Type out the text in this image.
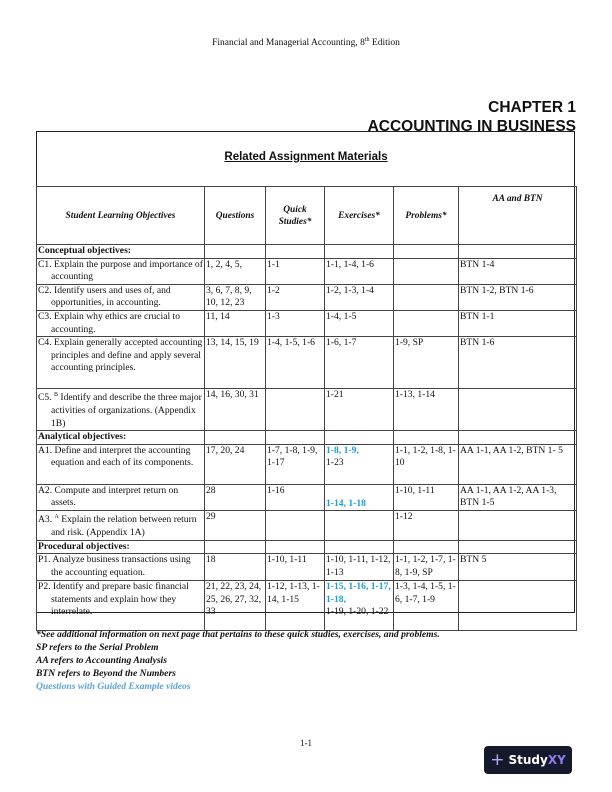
Financial and Managerial Accounting, 8th Edition
CHAPTER 1
ACCOUNTING IN BUSINESS
Related Assignment Materials
Student Learning Objectives	Questions	Quick Studies*	Exercises*	Problems*	AA and BTN
Conceptual objectives:					

C1. Explain the purpose and importance of accounting	1, 2, 4, 5,	1-1	1-1, 1-4, 1-6		BTN 1-4

C2. Identify users and uses of, and opportunities, in accounting.	3, 6, 7, 8, 9, 10, 12, 23	1-2	1-2, 1-3, 1-4		BTN 1-2, BTN 1-6

C3. Explain why ethics are crucial to accounting.	11, 14	1-3	1-4, 1-5		BTN 1-1

C4. Explain generally accepted accounting principles and define and apply several accounting principles.	13, 14, 15, 19	1-4, 1-5, 1-6	1-6, 1-7	1-9, SP	BTN 1-6

C5. $^B$ Identify and describe the three major activities of organizations. (Appendix 1B)	14, 16, 30, 31		1-21	1-13, 1-14	
Analytical objectives:					

A1. Define and interpret the accounting equation and each of its components.	17, 20, 24	1-7, 1-8, 1-9, 1-17	1-8, 1-9,
1-23	1-1, 1-2, 1-8, 1-10	AA 1-1, AA 1-2, BTN 1- 5

A2. Compute and interpret return on assets.	28	1-16	1-14, 1-18	1-10, 1-11	AA 1-1, AA 1-2, AA 1-3, BTN 1-5

A3. $^A$ Explain the relation between return and risk. (Appendix 1A)	29			1-12	
Procedural objectives:					

P1. Analyze business transactions using the accounting equation.	18	1-10, 1-11	1-10, 1-11, 1-12, 1-13	1-1, 1-2, 1-7, 1-8, 1-9, SP	BTN 5

P2. Identify and prepare basic financial statements and explain how they interrelate.	21, 22, 23, 24, 25, 26, 27, 32, 33	1-12, 1-13, 1-14, 1-15	1-15, 1-16, 1-17, 1-18,
1-19, 1-20, 1-22	1-3, 1-4, 1-5, 1-6, 1-7, 1-9	
*See additional information on next page that pertains to these quick studies, exercises, and problems.
SP refers to the Serial Problem
AA refers to Accounting Analysis
BTN refers to Beyond the Numbers
Questions with Guided Example videos
1-1
+ StudyXY
